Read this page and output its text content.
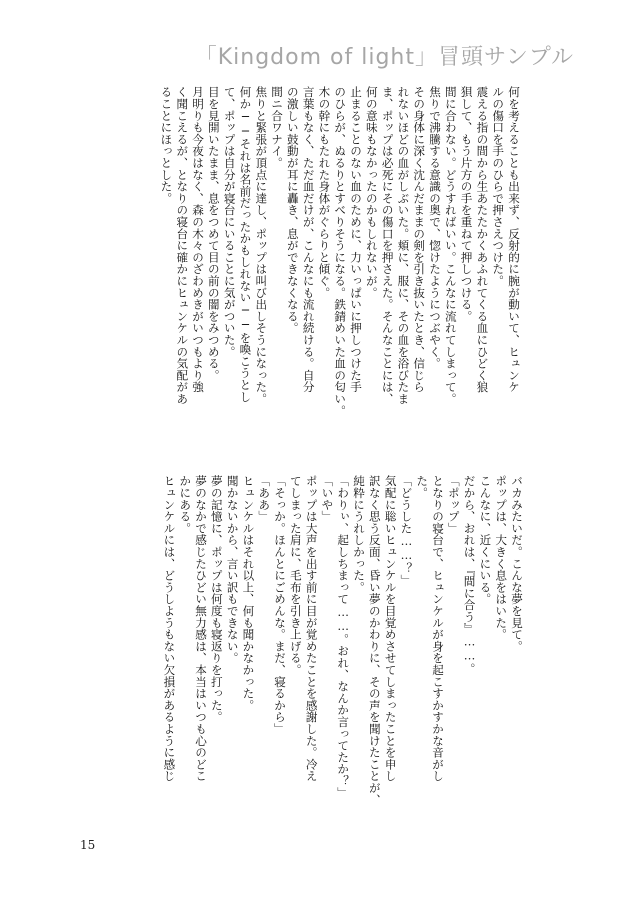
「Kingdom of light」冒頭サンプル
何を考えることも出来ず、反射的に腕が動いて、ヒュンケ
ルの傷口を手のひらで押さえつけた。
震える指の間から生あたたかくあふれてくる血にひどく狼
狽して、もう片方の手を重ねて押しつける。
間に合わない。どうすればいい。こんなに流れてしまって。
焦りで沸騰する意識の奥で、惚けたようにつぶやく。
その身体に深く沈んだままの剣を引き抜いたとき、信じら
れないほどの血がしぶいた。頬に、服に、その血を浴びたま
ま、ポップは必死にその傷口を押さえた。そんなことには、
何の意味もなかったのかもしれないが。
止まることのない血のために、力いっぱいに押しつけた手
のひらが、ぬるりとすべりそうになる。鉄錆めいた血の匂い。
木の幹にもたれた身体がぐらりと傾ぐ。
言葉もなく、ただ血だけが、こんなにも流れ続ける。自分
の激しい鼓動が耳に轟き、息ができなくなる。
間ニ合ワナイ。
焦りと緊張が頂点に達し、ポップは叫び出しそうになった。
何か──それは名前だったかもしれない──を喚こうとし
て、ポップは自分が寝台にいることに気がついた。
目を見開いたまま、息をつめて目の前の闇をみつめる。
月明りも今夜はなく、森の木々のざわめきがいつもより強
く聞こえるが、となりの寝台に確かにヒュンケルの気配があ
ることにほっとした。
バカみたいだ。こんな夢を見て。
ポップは、大きく息をはいた。
こんなに、近くにいる。
だから、おれは、『間に合う』……。
「ポップ」
となりの寝台で、ヒュンケルが身を起こすかすかな音がし
た。
「どうした……？」
気配に聡いヒュンケルを目覚めさせてしまったことを申し
訳なく思う反面、昏い夢のかわりに、その声を聞けたことが、
純粋にうれしかった。
「わりぃ、起しちまって……。おれ、なんか言ってたか？」
「いや」
ポップは大声を出す前に目が覚めたことを感謝した。冷え
てしまった肩に、毛布を引き上げる。
「そっか。ほんとにごめんな。まだ、寝るから」
「ああ」
ヒュンケルはそれ以上、何も聞かなかった。
聞かないから、言い訳もできない。
夢の記憶に、ポップは何度も寝返りを打った。
夢のなかで感じたひどい無力感は、本当はいつも心のどこ
かにある。
ヒュンケルには、どうしようもない欠損があるように感じ
15
